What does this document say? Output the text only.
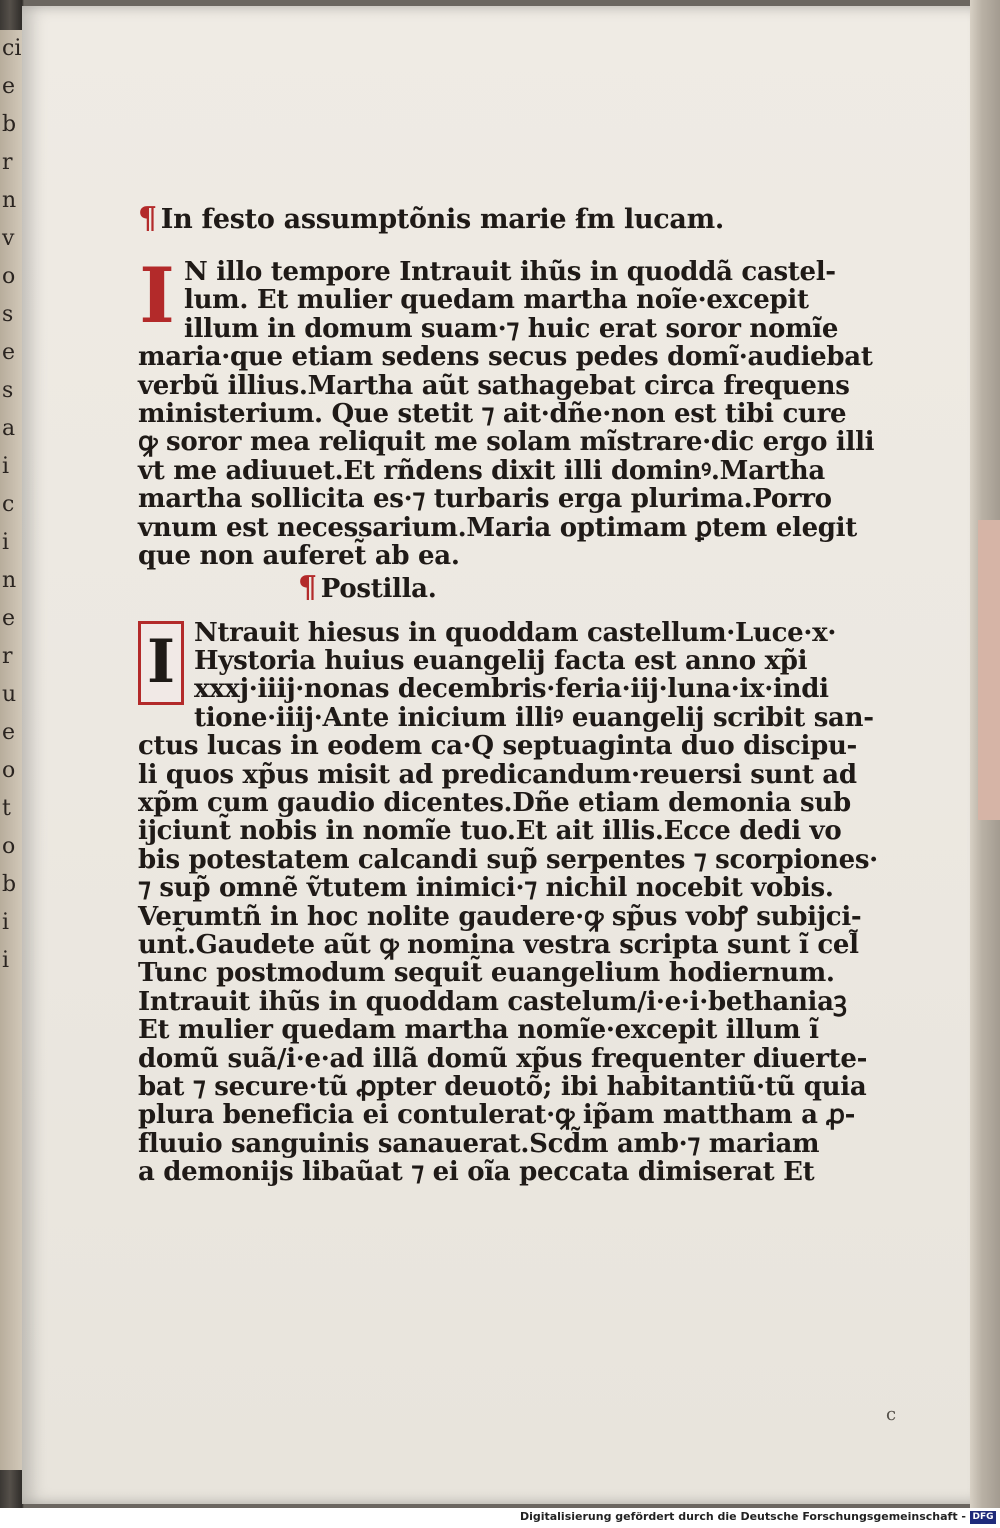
ci
e
b
r
n
v
o
s
e
s
a
i
c
i
n
e
r
u
e
o
t
o
b
i
i
¶ In festo assumptõnis marie ẜm lucam.
I N illo tempore Intrauit ihũs in quoddã castel-
lum. Et mulier quedam martha noĩe·excepit
illum in domum suam·⁊ huic erat soror nomĩe
maria·que etiam sedens secus pedes domĩ·audiebat
verbũ illius.Martha aũt sathagebat circa frequens
ministerium. Que stetit ⁊ ait·dñe·non est tibi cure
ꝙ soror mea reliquit me solam mĩstrare·dic ergo illi
vt me adiuuet.Et rñdens dixit illi dominꝰ.Martha
martha sollicita es·⁊ turbaris erga plurima.Porro
vnum est necessarium.Maria optimam ꝑtem elegit
que non auferet̃ ab ea.
¶ Postilla.
I Ntrauit hiesus in quoddam castellum·Luce·x·
Hystoria huius euangelij facta est anno xp̃i
xxxj·iiij·nonas decembris·feria·iij·luna·ix·indi
tione·iiij·Ante inicium illiꝰ euangelij scribit san-
ctus lucas in eodem ca·Q septuaginta duo discipu-
li quos xp̃us misit ad predicandum·reuersi sunt ad
xp̃m cum gaudio dicentes.Dñe etiam demonia sub
ijciunt̃ nobis in nomĩe tuo.Et ait illis.Ecce dedi vo
bis potestatem calcandi sup̃ serpentes ⁊ scorpiones·
⁊ sup̃ omnẽ ṽtutem inimici·⁊ nichil nocebit vobis.
Verumtñ in hoc nolite gaudere·ꝙ sp̃us vobꝭ subijci-
unt̃.Gaudete aũt ꝙ nomina vestra scripta sunt ĩ cel̃
Tunc postmodum sequit̃ euangelium hodiernum.
Intrauit ihũs in quoddam castelum/i·e·i·bethaniaꝫ
Et mulier quedam martha nomĩe·excepit illum ĩ
domũ suã/i·e·ad illã domũ xp̃us frequenter diuerte-
bat ⁊ secure·tũ ꝓpter deuotõ; ibi habitantiũ·tũ quia
plura beneficia ei contulerat·ꝙ ip̃am mattham a ꝓ-
fluuio sanguinis sanauerat.Scd̃m amb·⁊ mariam
a demonijs libaũat ⁊ ei oĩa peccata dimiserat Et
c
Digitalisierung gefördert durch die Deutsche Forschungsgemeinschaft - DFG
